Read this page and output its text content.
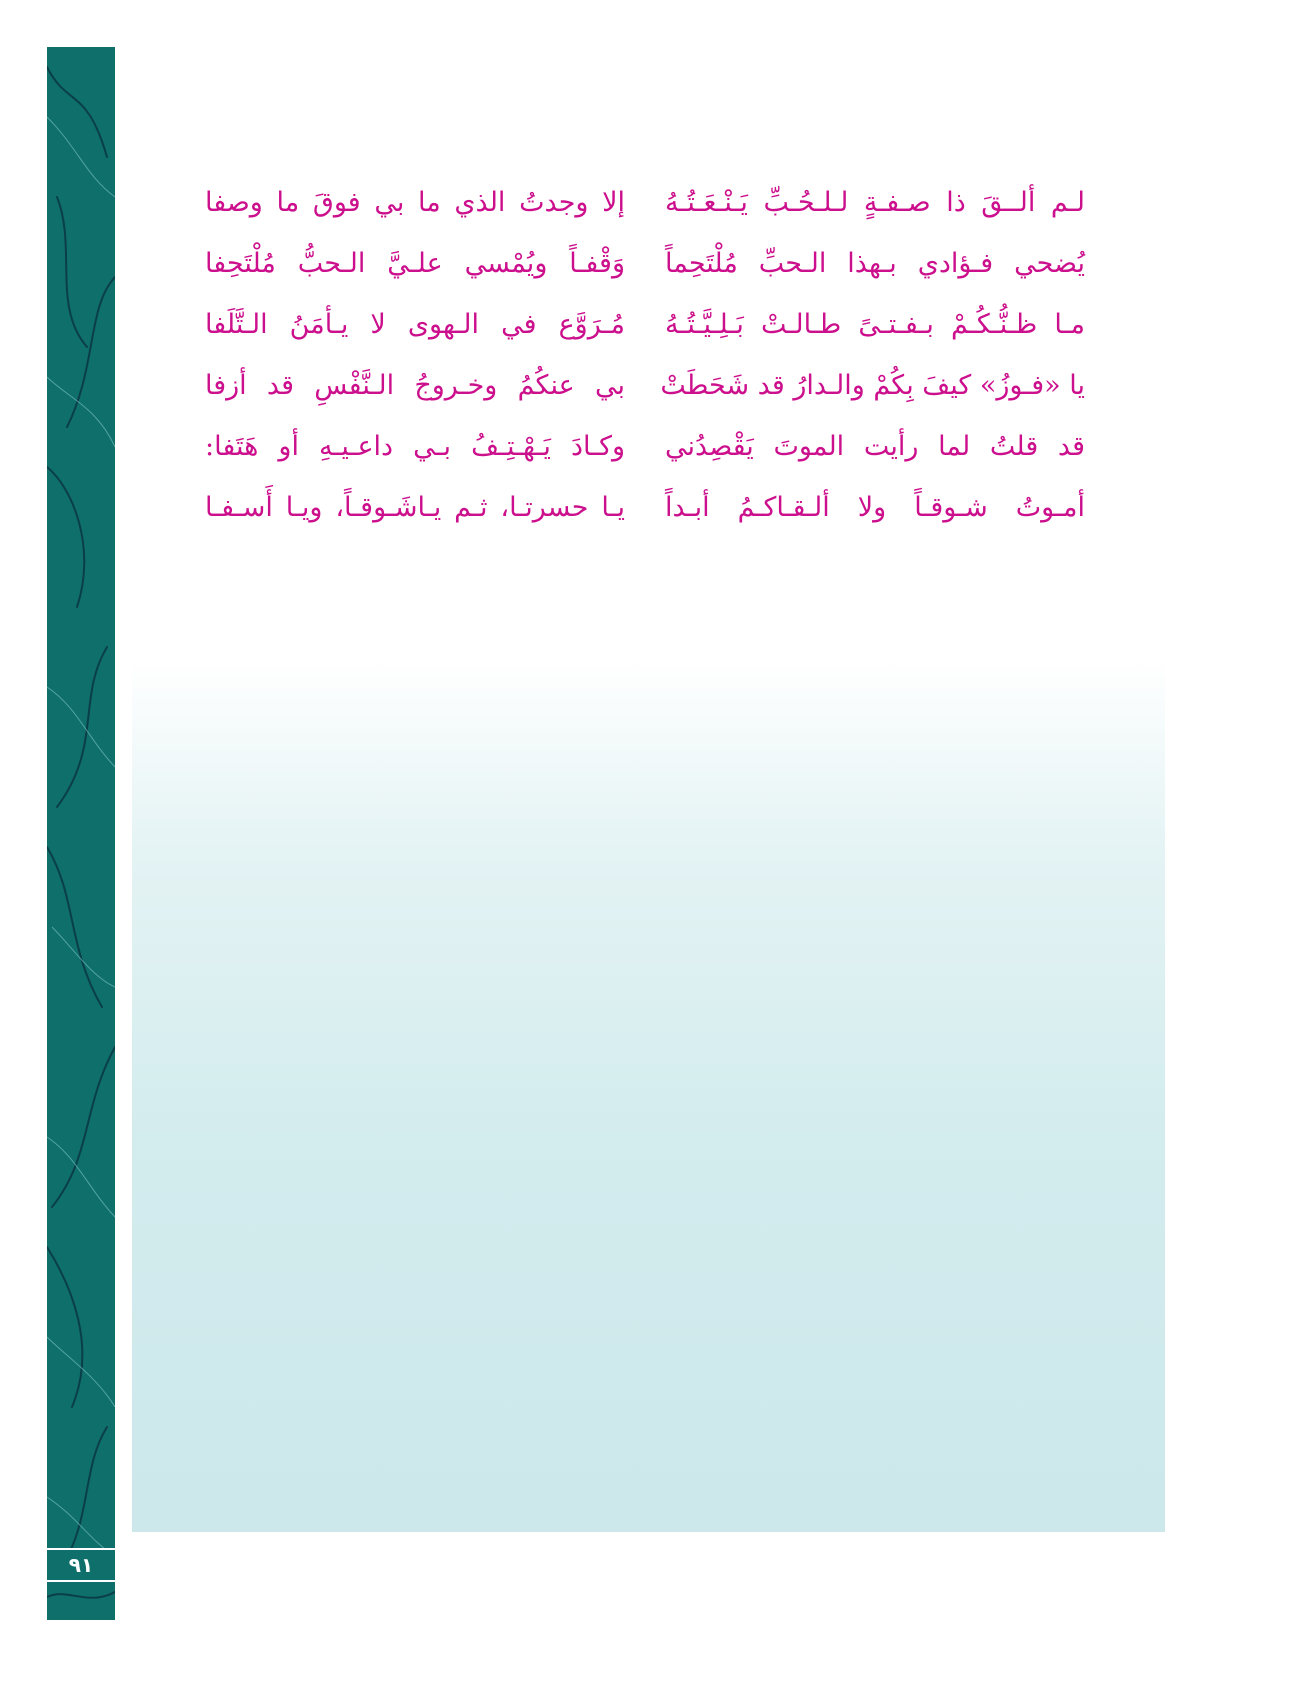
٩١
لـم ألــقَ ذا صـفـةٍ لـلـحُـبِّ يَـنْـعَـتُـهُ
إلا وجدتُ الذي ما بي فوقَ ما وصفا
يُضحي فـؤادي بـهذا الـحبِّ مُلْتَحِماً
وَقْفـاً ويُمْسي علـيَّ الـحبُّ مُلْتَحِفا
مـا ظـنُّـكُـمْ بـفـتـىً طـالـتْ بَـلِـيَّـتُـهُ
مُـرَوَّع في الـهوى لا يـأمَنُ الـتَّلَفا
يا «فـوزُ» كيفَ بِكُمْ والـدارُ قد شَحَطَتْ
بي عنكُمُ وخـروجُ الـنَّفْسِ قد أزفا
قد قلتُ لما رأيت الموتَ يَقْصِدُني
وكـادَ يَـهْـتِـفُ بـي داعـيـهِ أو هَتَفا:
أمـوتُ شـوقـاً ولا ألـقـاكـمُ أبـداً
يـا حسرتـا، ثـم يـاشَـوقـاً، ويـا أَسـفـا
